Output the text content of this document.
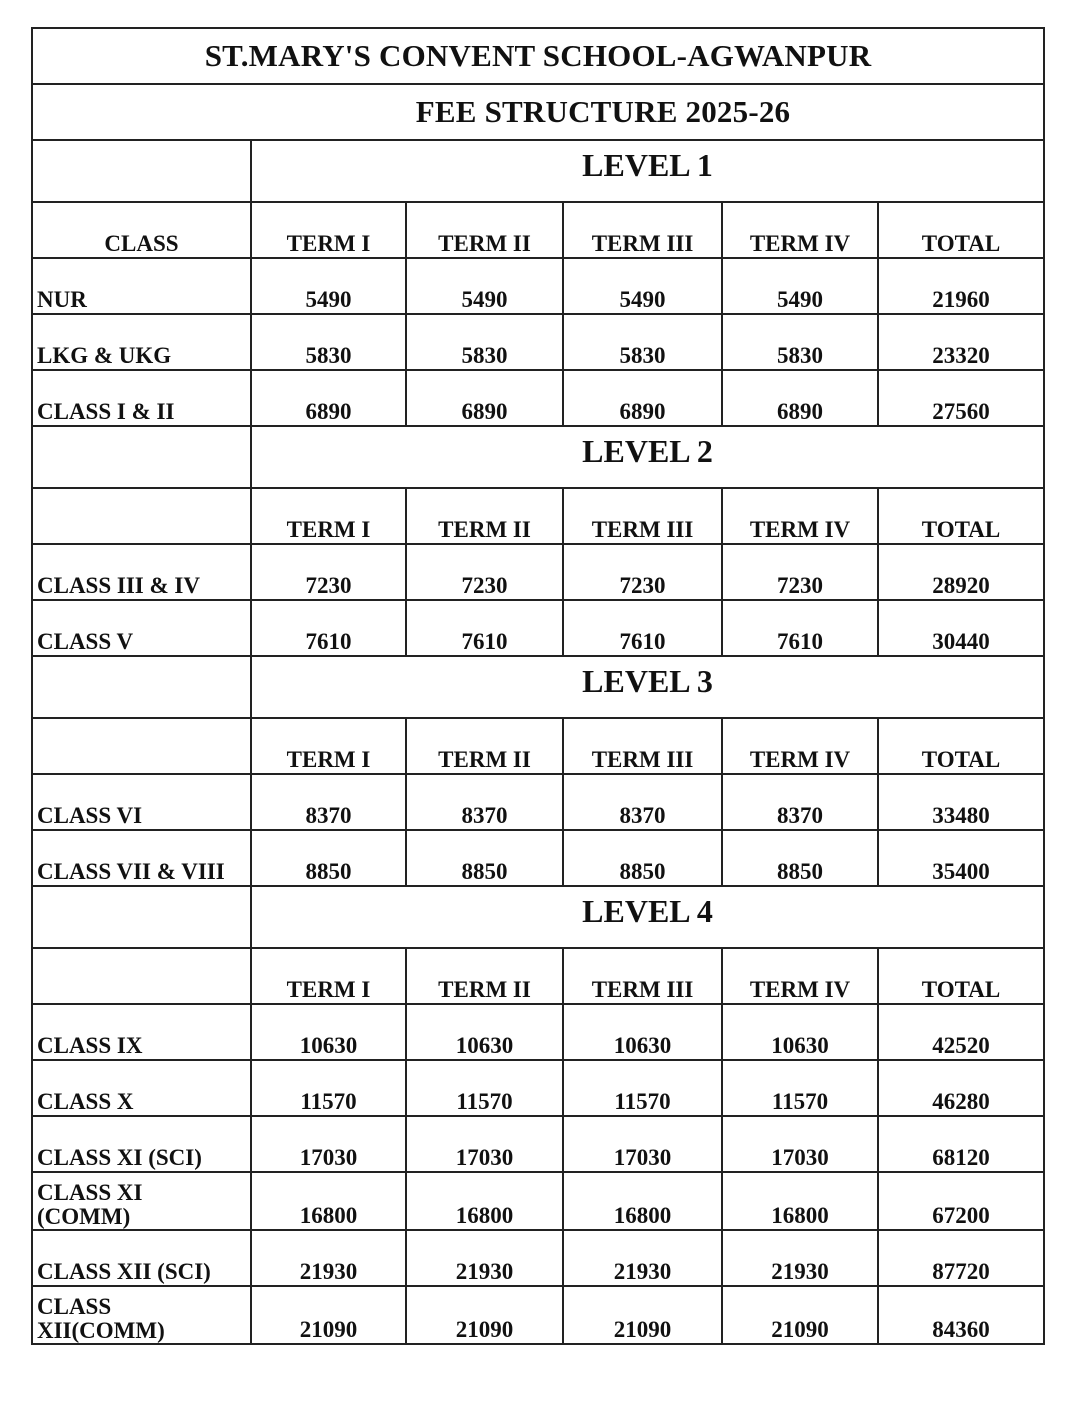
ST.MARY'S CONVENT SCHOOL-AGWANPUR					
FEE STRUCTURE 2025-26					
	LEVEL 1				
CLASS	TERM I	TERM II	TERM III	TERM IV	TOTAL
NUR	5490	5490	5490	5490	21960
LKG & UKG	5830	5830	5830	5830	23320
CLASS I & II	6890	6890	6890	6890	27560
	LEVEL 2				
	TERM I	TERM II	TERM III	TERM IV	TOTAL
CLASS III & IV	7230	7230	7230	7230	28920
CLASS V	7610	7610	7610	7610	30440
	LEVEL 3				
	TERM I	TERM II	TERM III	TERM IV	TOTAL
CLASS VI	8370	8370	8370	8370	33480
CLASS VII & VIII	8850	8850	8850	8850	35400
	LEVEL 4				
	TERM I	TERM II	TERM III	TERM IV	TOTAL
CLASS IX	10630	10630	10630	10630	42520
CLASS X	11570	11570	11570	11570	46280
CLASS XI (SCI)	17030	17030	17030	17030	68120
CLASS XI
(COMM)	16800	16800	16800	16800	67200
CLASS XII (SCI)	21930	21930	21930	21930	87720
CLASS
XII(COMM)	21090	21090	21090	21090	84360
